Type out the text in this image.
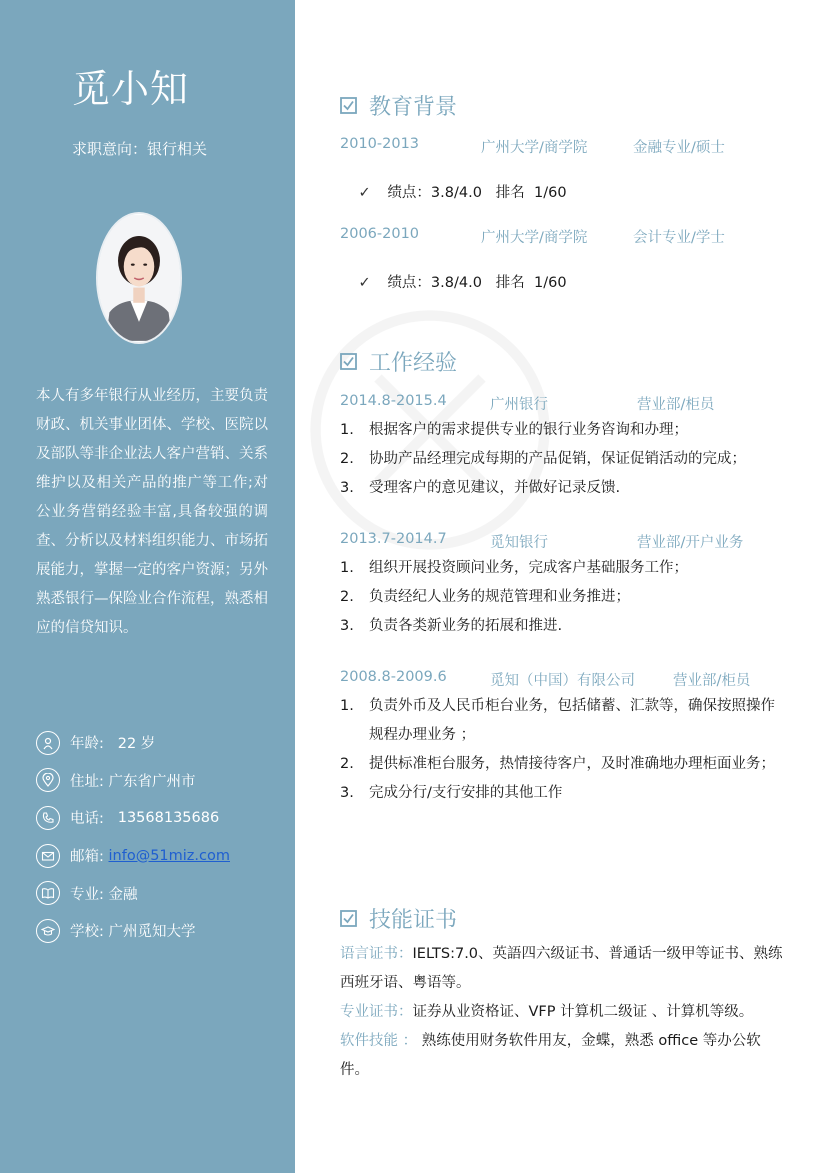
觅小知
求职意向：银行相关
本人有多年银行从业经历，主要负责财政、机关事业团体、学校、医院以及部队等非企业法人客户营销、关系维护以及相关产品的推广等工作;对公业务营销经验丰富,具备较强的调查、分析以及材料组织能力、市场拓展能力，掌握一定的客户资源；另外熟悉银行—保险业合作流程，熟悉相应的信贷知识。
年龄: 22 岁
住址: 广东省广州市
电话: 13568135686
邮箱: info@51miz.com
专业: 金融
学校: 广州觅知大学
教育背景
2010-2013	广州大学/商学院	金融专业/硕士

✓ 绩点：3.8/4.0   排名  1/60

2006-2010	广州大学/商学院	会计专业/学士

✓ 绩点：3.8/4.0   排名  1/60

工作经验
2014.8-2015.4	广州银行	营业部/柜员
1. 根据客户的需求提供专业的银行业务咨询和办理；
2. 协助产品经理完成每期的产品促销，保证促销活动的完成；
3. 受理客户的意见建议，并做好记录反馈.
2013.7-2014.7	觅知银行	营业部/开户业务
1. 组织开展投资顾问业务，完成客户基础服务工作；
2. 负责经纪人业务的规范管理和业务推进；
3. 负责各类新业务的拓展和推进.
2008.8-2009.6	觅知（中国）有限公司	营业部/柜员
1. 负责外币及人民币柜台业务，包括储蓄、汇款等，确保按照操作规程办理业务 ；
2. 提供标准柜台服务，热情接待客户，及时准确地办理柜面业务；
3. 完成分行/支行安排的其他工作
技能证书
语言证书：IELTS:7.0、英語四六级证书、普通话一级甲等证书、熟练西班牙语、粤语等。
专业证书：证券从业资格证、VFP 计算机二级证 、计算机等级。
软件技能 ： 熟练使用财务软件用友，金蝶，熟悉 office 等办公软件。
